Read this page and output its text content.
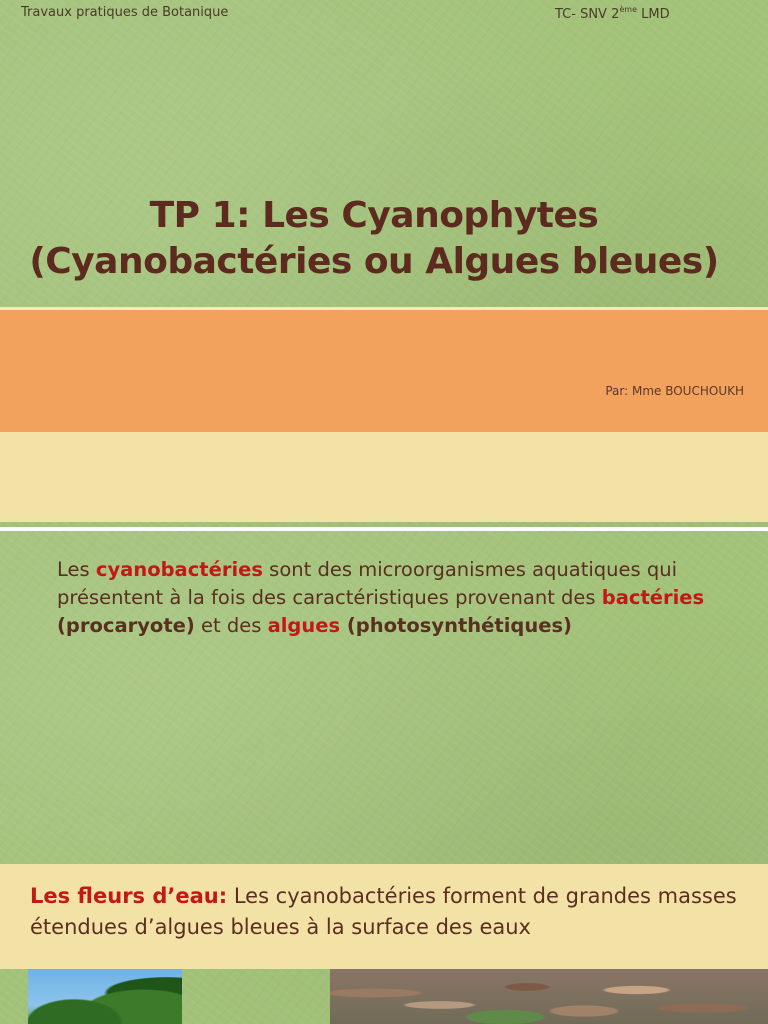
Travaux pratiques de Botanique	TC- SNV 2ème LMD
TP 1: Les Cyanophytes
(Cyanobactéries ou Algues bleues)
Par: Mme BOUCHOUKH
Les cyanobactéries sont des microorganismes aquatiques qui présentent à la fois des caractéristiques provenant des bactéries (procaryote) et des algues (photosynthétiques)
Les fleurs d’eau: Les cyanobactéries forment de grandes masses étendues d’algues bleues à la surface des eaux
